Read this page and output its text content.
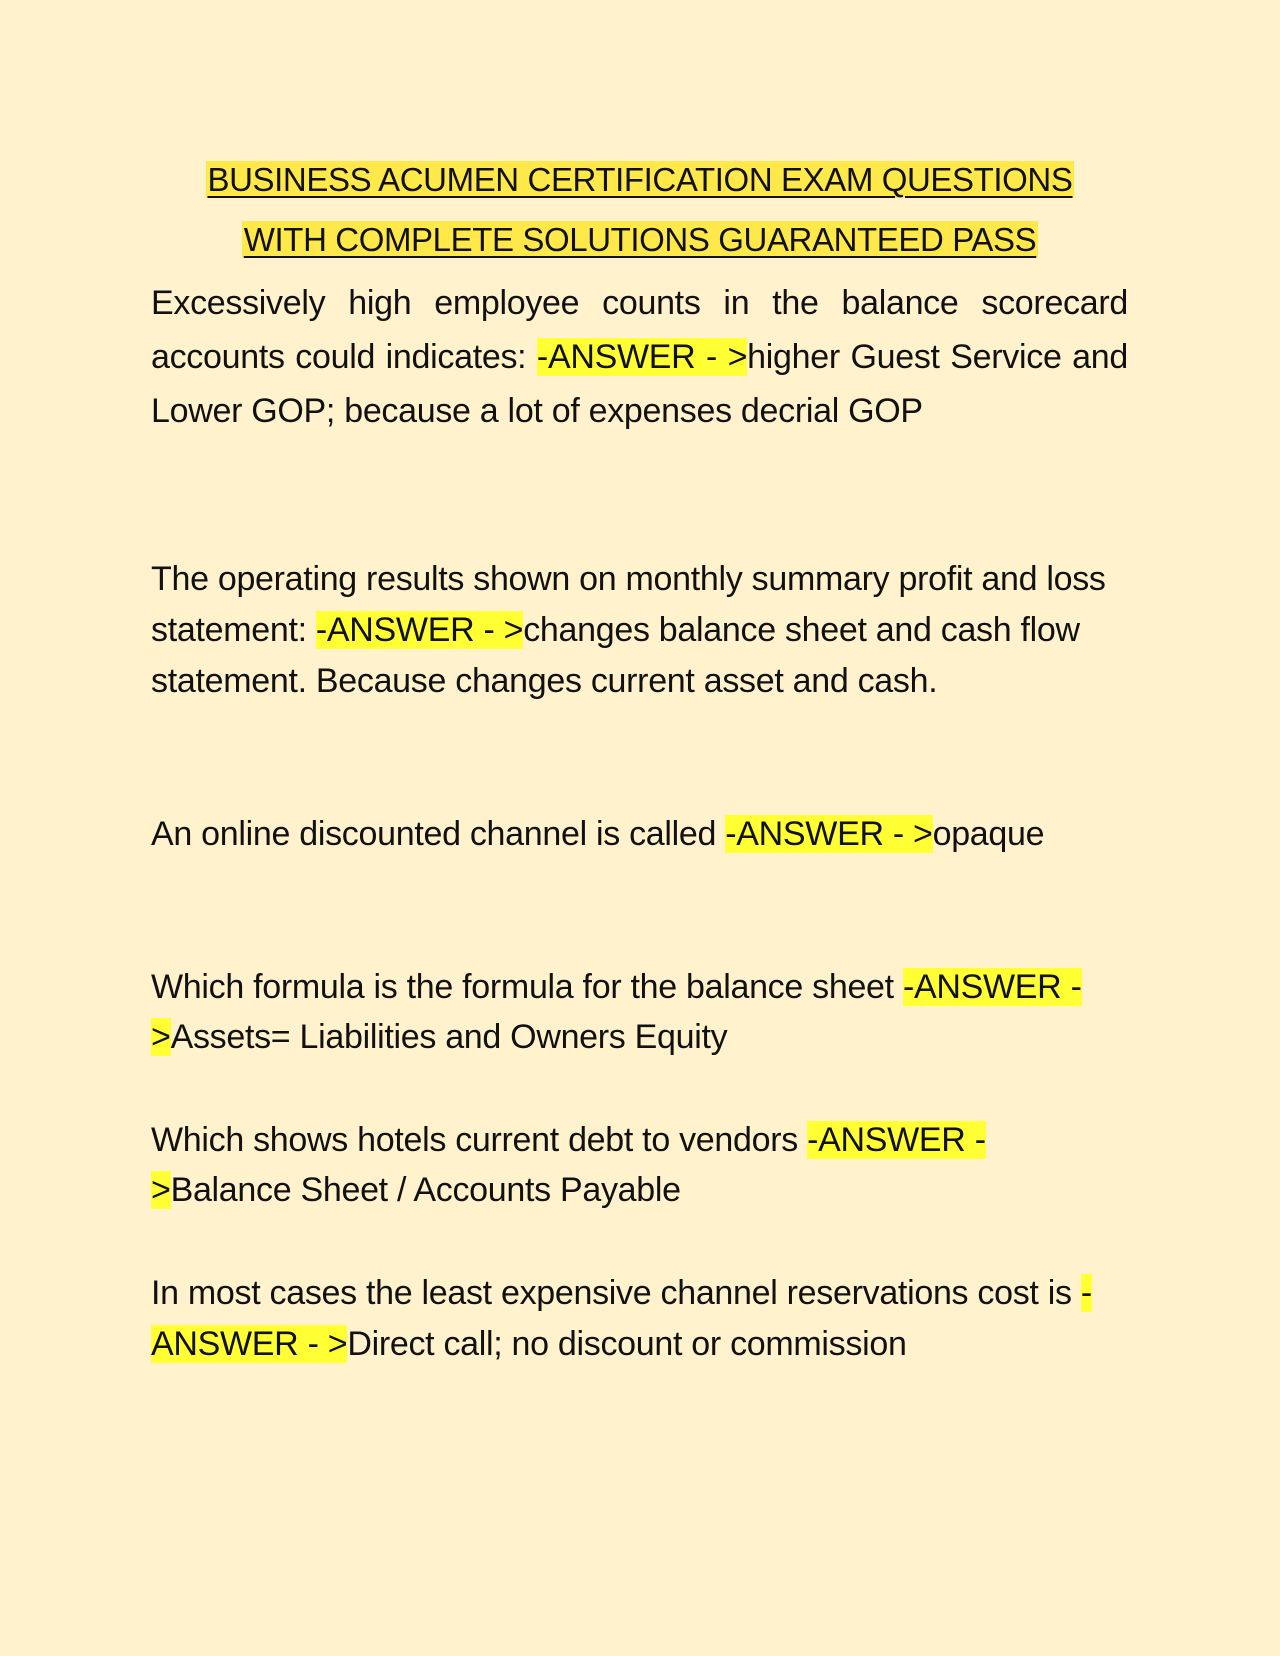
BUSINESS ACUMEN CERTIFICATION EXAM QUESTIONS
WITH COMPLETE SOLUTIONS GUARANTEED PASS

Excessively high employee counts in the balance scorecard accounts could indicates: -ANSWER - >higher Guest Service and Lower GOP; because a lot of expenses decrial GOP

The operating results shown on monthly summary profit and loss statement: -ANSWER - >changes balance sheet and cash flow statement. Because changes current asset and cash.

An online discounted channel is called -ANSWER - >opaque

Which formula is the formula for the balance sheet -ANSWER - >Assets= Liabilities and Owners Equity

Which shows hotels current debt to vendors -ANSWER - >Balance Sheet / Accounts Payable

In most cases the least expensive channel reservations cost is -ANSWER - >Direct call; no discount or commission
